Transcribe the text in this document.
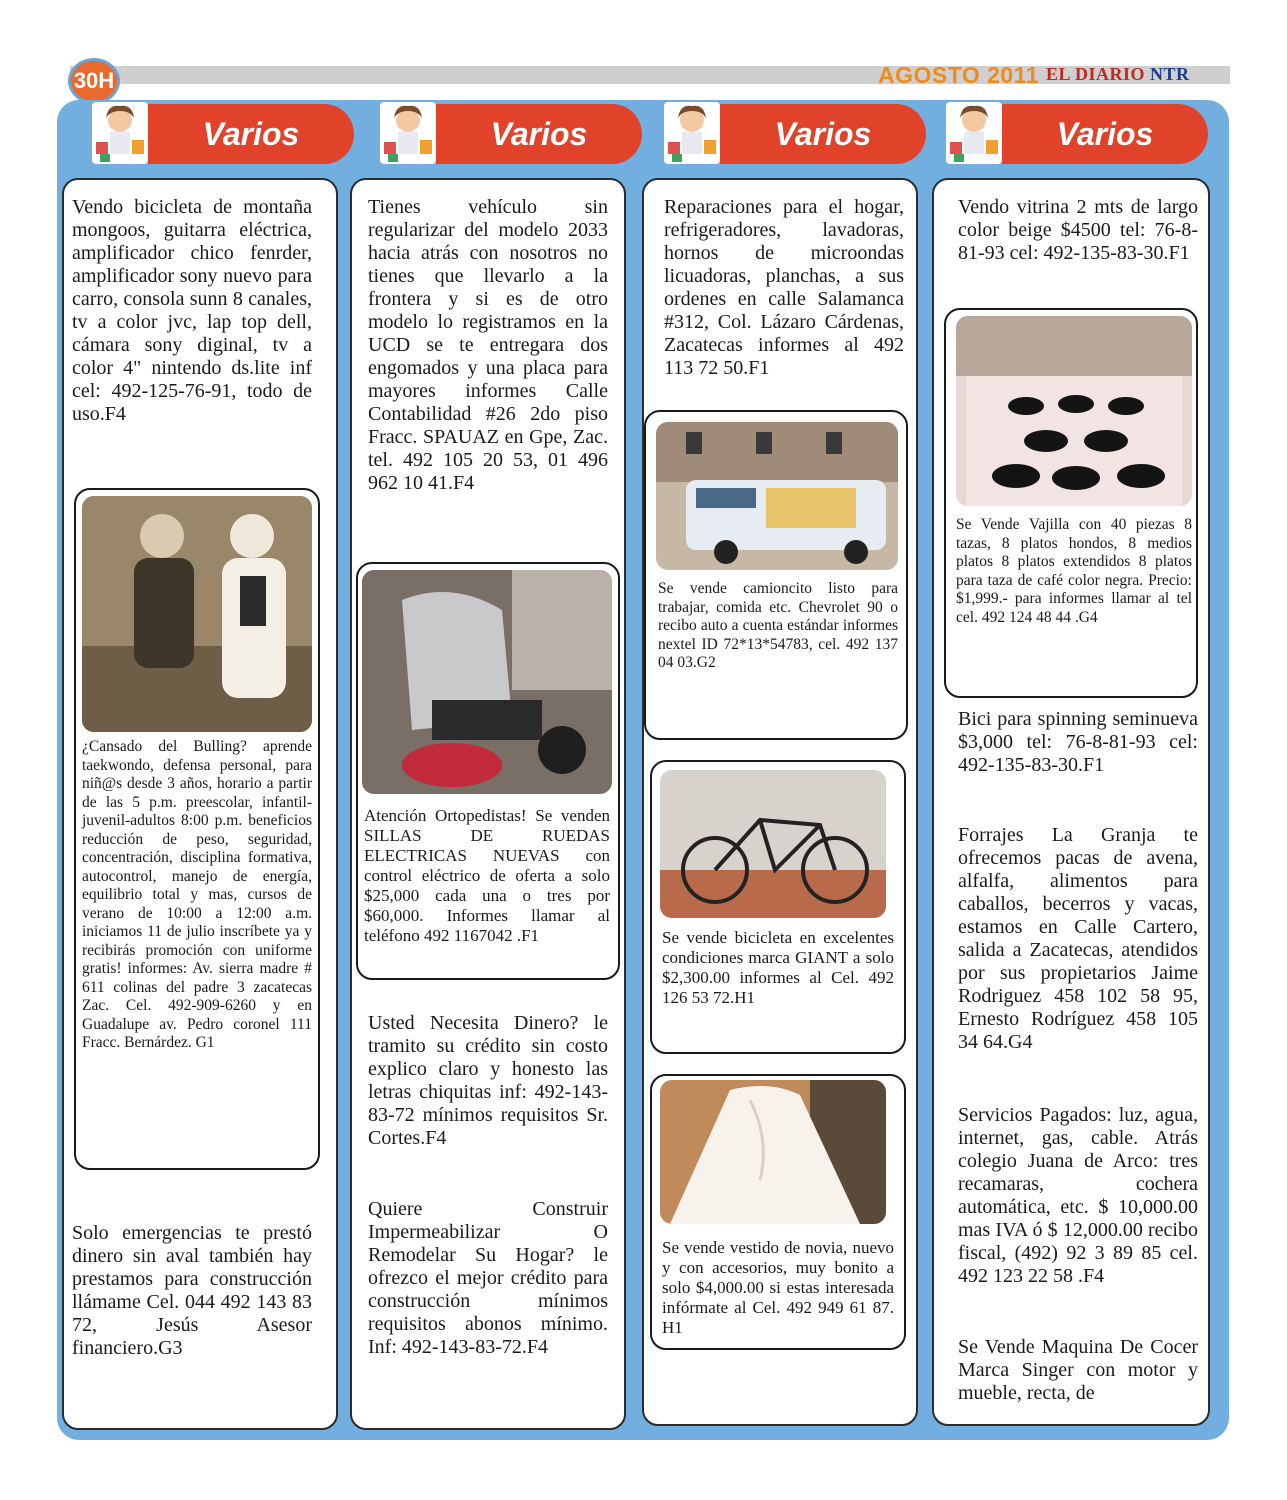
30H	AGOSTO 2011 EL DIARIO NTR
Varios	Varios	Varios	Varios

Vendo bicicleta de montaña mongoos, guitarra eléctrica, amplificador chico fenrder, amplificador sony nuevo para carro, consola sunn 8 canales, tv a color jvc, lap top dell, cámara sony diginal, tv a color 4" nintendo ds.lite inf cel: 492-125-76-91, todo de uso.F4

¿Cansado del Bulling? aprende taekwondo, defensa personal, para niñ@s desde 3 años, horario a partir de las 5 p.m. preescolar, infantil-juvenil-adultos 8:00 p.m. beneficios reducción de peso, seguridad, concentración, disciplina formativa, autocontrol, manejo de energía, equilibrio total y mas, cursos de verano de 10:00 a 12:00 a.m. iniciamos 11 de julio inscríbete ya y recibirás promoción con uniforme gratis! informes: Av. sierra madre # 611 colinas del padre 3 zacatecas Zac. Cel. 492-909-6260 y en Guadalupe av. Pedro coronel 111 Fracc. Bernárdez. G1

Solo emergencias te prestó dinero sin aval también hay prestamos para construcción llámame Cel. 044 492 143 83 72, Jesús Asesor financiero.G3

Tienes vehículo sin regularizar del modelo 2033 hacia atrás con nosotros no tienes que llevarlo a la frontera y si es de otro modelo lo registramos en la UCD se te entregara dos engomados y una placa para mayores informes Calle Contabilidad #26 2do piso Fracc. SPAUAZ en Gpe, Zac. tel. 492 105 20 53, 01 496 962 10 41.F4

Atención Ortopedistas! Se venden SILLAS DE RUEDAS ELECTRICAS NUEVAS con control eléctrico de oferta a solo $25,000 cada una o tres por $60,000. Informes llamar al teléfono 492 1167042 .F1

Usted Necesita Dinero? le tramito su crédito sin costo explico claro y honesto las letras chiquitas inf: 492-143-83-72 mínimos requisitos Sr. Cortes.F4

Quiere Construir Impermeabilizar O Remodelar Su Hogar? le ofrezco el mejor crédito para construcción mínimos requisitos abonos mínimo. Inf: 492-143-83-72.F4

Reparaciones para el hogar, refrigeradores, lavadoras, hornos de microondas licuadoras, planchas, a sus ordenes en calle Salamanca #312, Col. Lázaro Cárdenas, Zacatecas informes al 492 113 72 50.F1

Se vende camioncito listo para trabajar, comida etc. Chevrolet 90 o recibo auto a cuenta estándar informes nextel ID 72*13*54783, cel. 492 137 04 03.G2

Se vende bicicleta en excelentes condiciones marca GIANT a solo $2,300.00 informes al Cel. 492 126 53 72.H1

Se vende vestido de novia, nuevo y con accesorios, muy bonito a solo $4,000.00 si estas interesada infórmate al Cel. 492 949 61 87. H1

Vendo vitrina 2 mts de largo color beige $4500 tel: 76-8-81-93 cel: 492-135-83-30.F1

Se Vende Vajilla con 40 piezas 8 tazas, 8 platos hondos, 8 medios platos 8 platos extendidos 8 platos para taza de café color negra. Precio: $1,999.- para informes llamar al tel cel. 492 124 48 44 .G4

Bici para spinning seminueva $3,000 tel: 76-8-81-93 cel: 492-135-83-30.F1

Forrajes La Granja te ofrecemos pacas de avena, alfalfa, alimentos para caballos, becerros y vacas, estamos en Calle Cartero, salida a Zacatecas, atendidos por sus propietarios Jaime Rodriguez 458 102 58 95, Ernesto Rodríguez 458 105 34 64.G4

Servicios Pagados: luz, agua, internet, gas, cable. Atrás colegio Juana de Arco: tres recamaras, cochera automática, etc. $ 10,000.00 mas IVA ó $ 12,000.00 recibo fiscal, (492) 92 3 89 85 cel. 492 123 22 58 .F4

Se Vende Maquina De Cocer Marca Singer con motor y mueble, recta, de
